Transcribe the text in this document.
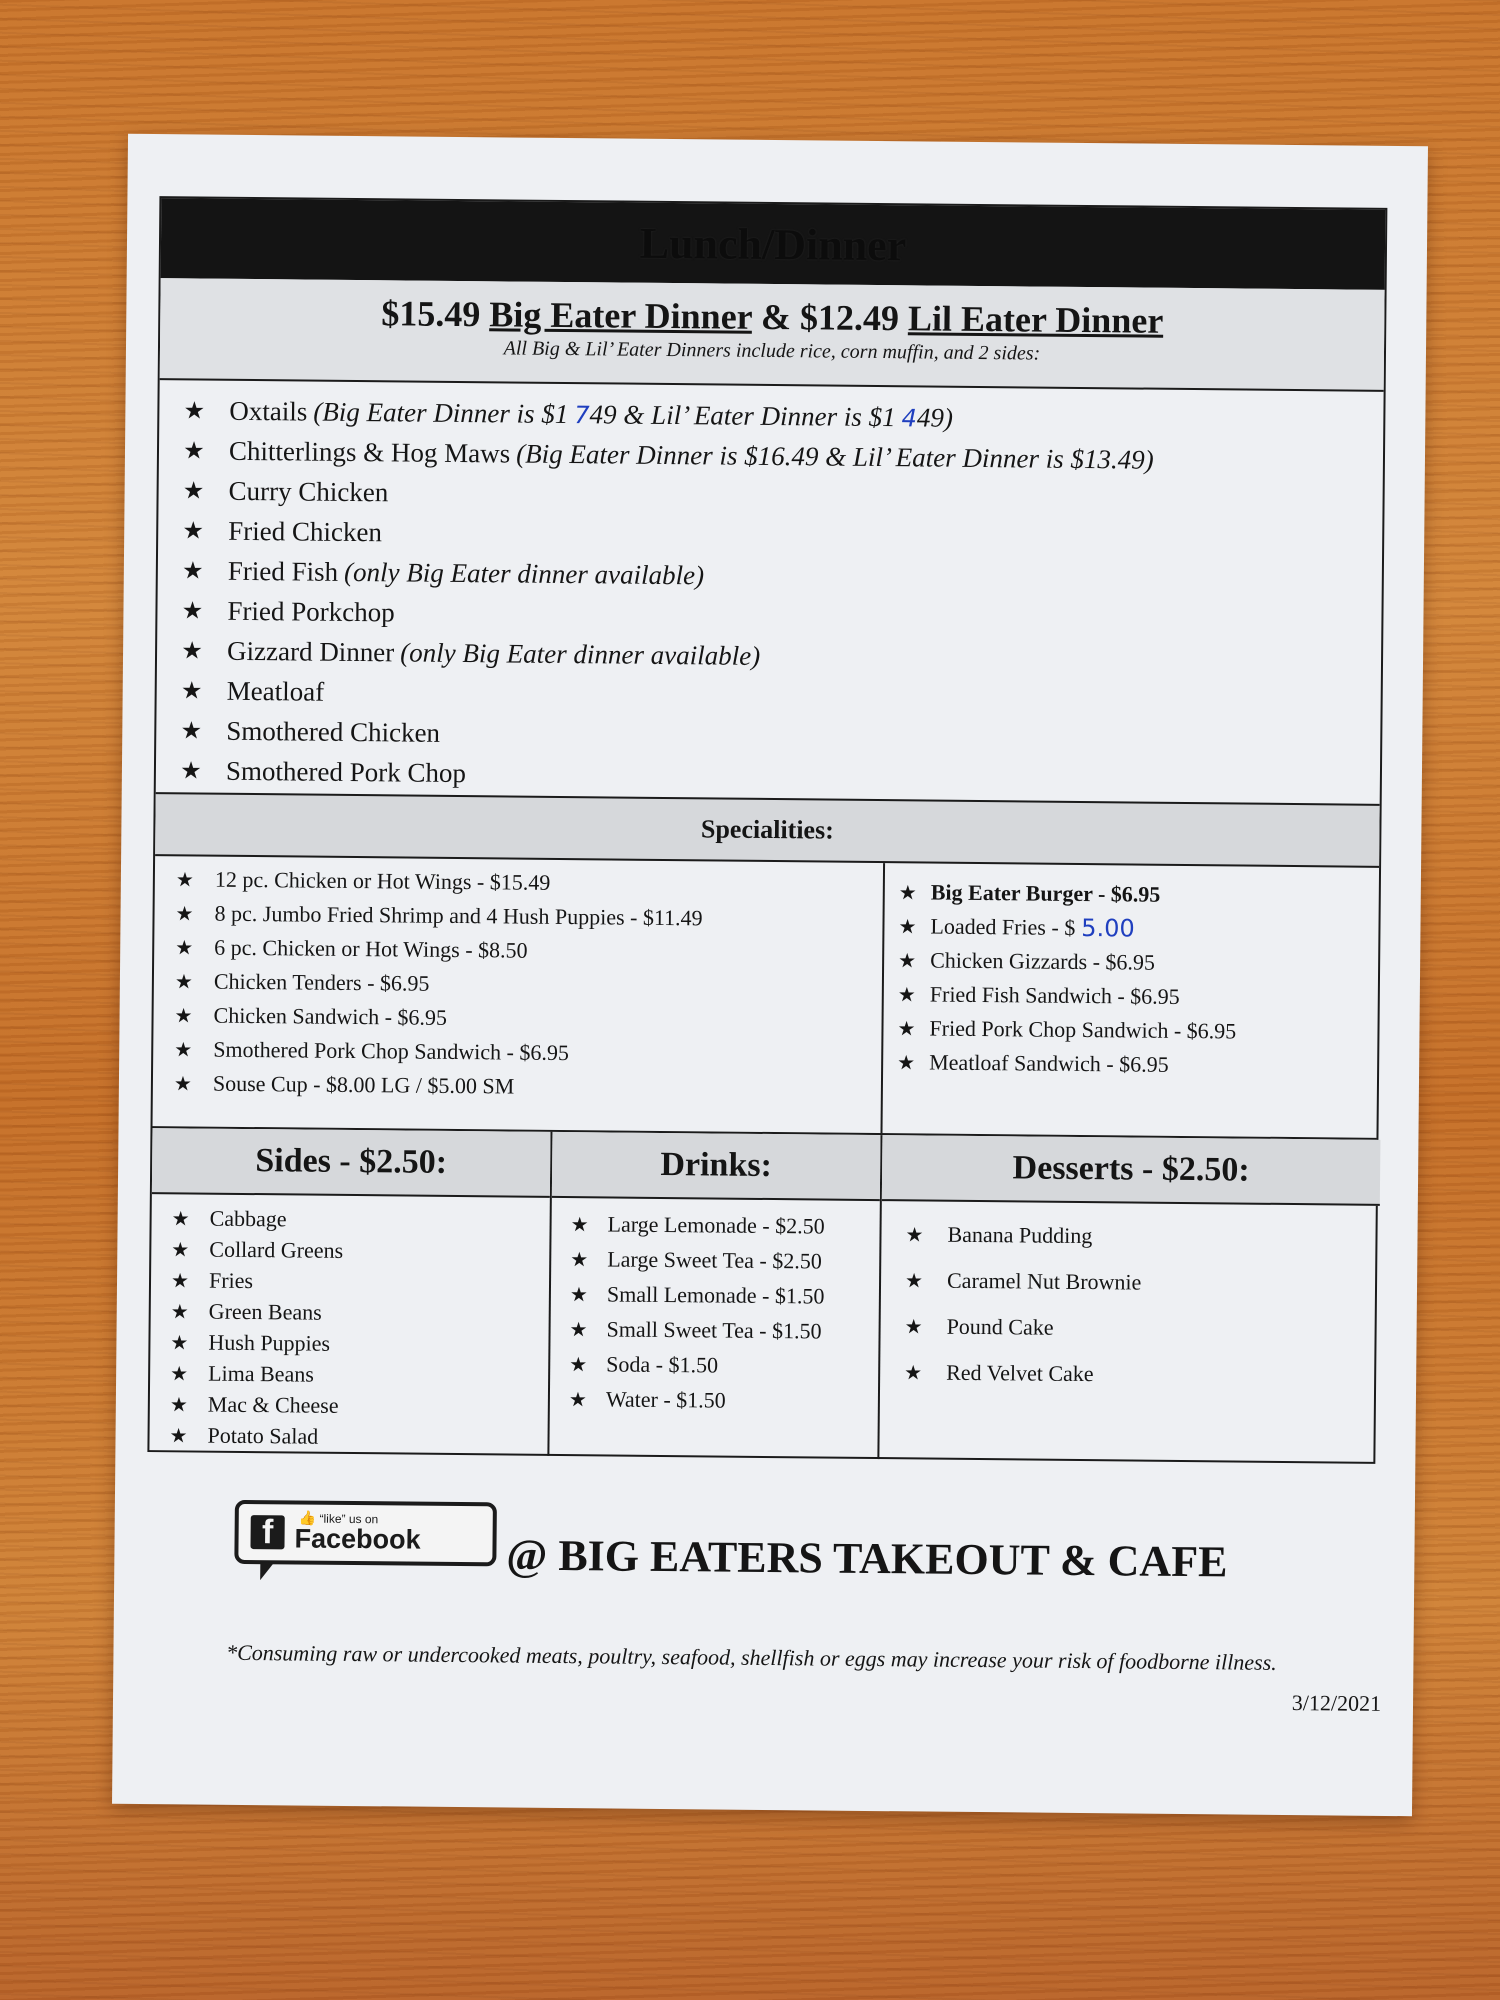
Lunch/Dinner
$15.49 Big Eater Dinner & $12.49 Lil Eater Dinner
All Big & Lil’ Eater Dinners include rice, corn muffin, and 2 sides:
★ Oxtails (Big Eater Dinner is $1 749 & Lil’ Eater Dinner is $1 449)
★ Chitterlings & Hog Maws (Big Eater Dinner is $16.49 & Lil’ Eater Dinner is $13.49)
★ Curry Chicken
★ Fried Chicken
★ Fried Fish (only Big Eater dinner available)
★ Fried Porkchop
★ Gizzard Dinner (only Big Eater dinner available)
★ Meatloaf
★ Smothered Chicken
★ Smothered Pork Chop
Specialities:
★ 12 pc. Chicken or Hot Wings - $15.49
★ 8 pc. Jumbo Fried Shrimp and 4 Hush Puppies - $11.49
★ 6 pc. Chicken or Hot Wings - $8.50
★ Chicken Tenders - $6.95
★ Chicken Sandwich - $6.95
★ Smothered Pork Chop Sandwich - $6.95
★ Souse Cup - $8.00 LG / $5.00 SM
★ Big Eater Burger - $6.95
★ Loaded Fries - $ 5.00
★ Chicken Gizzards - $6.95
★ Fried Fish Sandwich - $6.95
★ Fried Pork Chop Sandwich - $6.95
★ Meatloaf Sandwich - $6.95
Sides - $2.50:
★ Cabbage
★ Collard Greens
★ Fries
★ Green Beans
★ Hush Puppies
★ Lima Beans
★ Mac & Cheese
★ Potato Salad
Drinks:
★ Large Lemonade - $2.50
★ Large Sweet Tea - $2.50
★ Small Lemonade - $1.50
★ Small Sweet Tea - $1.50
★ Soda - $1.50
★ Water - $1.50
Desserts - $2.50:
★	Banana Pudding
★	Caramel Nut Brownie
★	Pound Cake
★	Red Velvet Cake
f	👍 “like” us on
Facebook @ BIG EATERS TAKEOUT & CAFE
*Consuming raw or undercooked meats, poultry, seafood, shellfish or eggs may increase your risk of foodborne illness.
3/12/2021
